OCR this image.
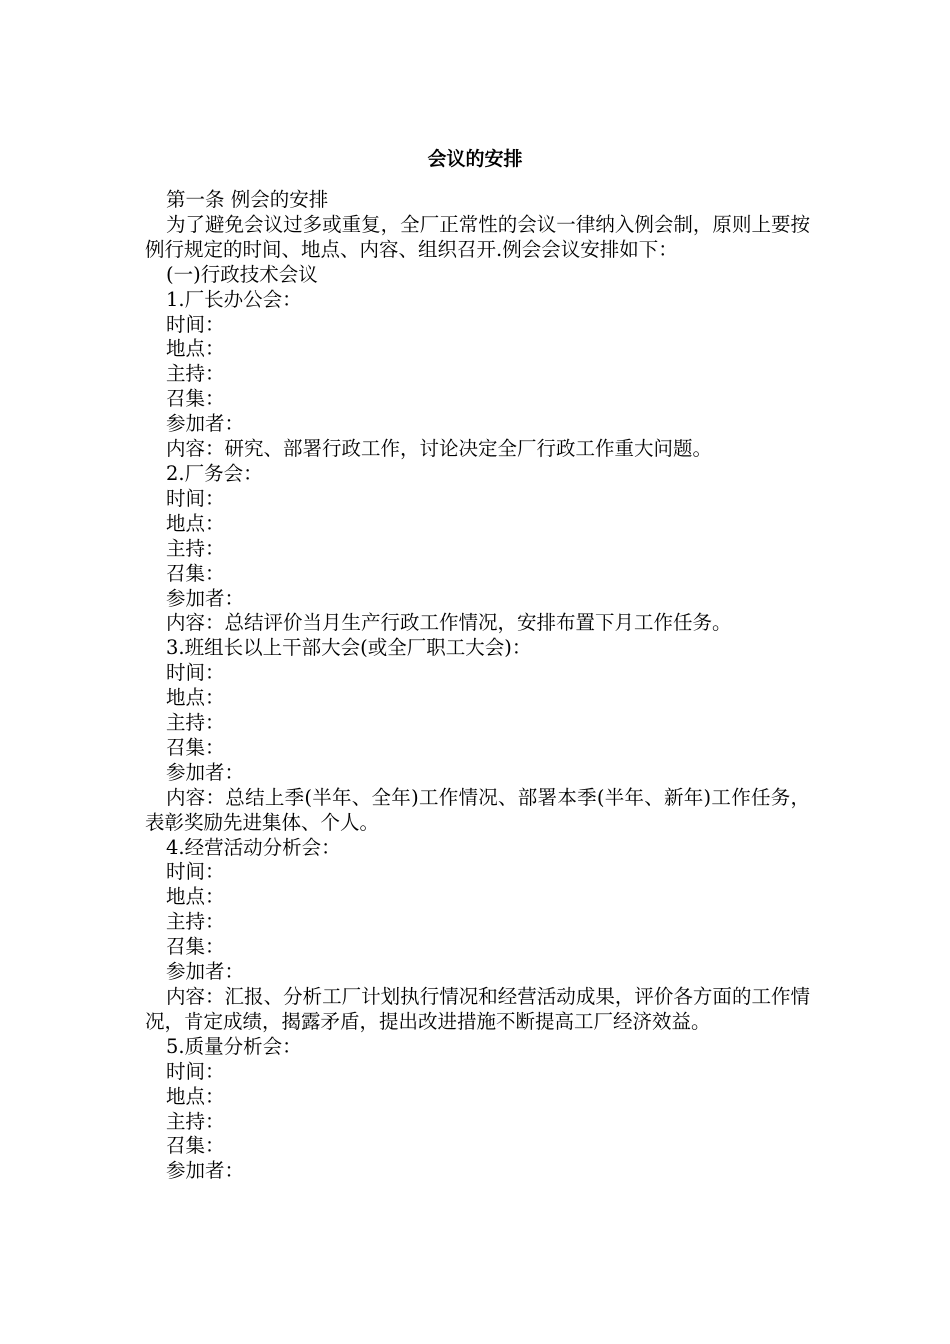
会议的安排

第一条 例会的安排

为了避免会议过多或重复，全厂正常性的会议一律纳入例会制，原则上要按例行规定的时间、地点、内容、组织召开.例会会议安排如下：

(一)行政技术会议

1.厂长办公会：

时间：

地点：

主持：

召集：

参加者：

内容：研究、部署行政工作，讨论决定全厂行政工作重大问题。

2.厂务会：

时间：

地点：

主持：

召集：

参加者：

内容：总结评价当月生产行政工作情况，安排布置下月工作任务。

3.班组长以上干部大会(或全厂职工大会)：

时间：

地点：

主持：

召集：

参加者：

内容：总结上季(半年、全年)工作情况、部署本季(半年、新年)工作任务，表彰奖励先进集体、个人。

4.经营活动分析会：

时间：

地点：

主持：

召集：

参加者：

内容：汇报、分析工厂计划执行情况和经营活动成果，评价各方面的工作情况，肯定成绩，揭露矛盾，提出改进措施不断提高工厂经济效益。

5.质量分析会：

时间：

地点：

主持：

召集：

参加者：
